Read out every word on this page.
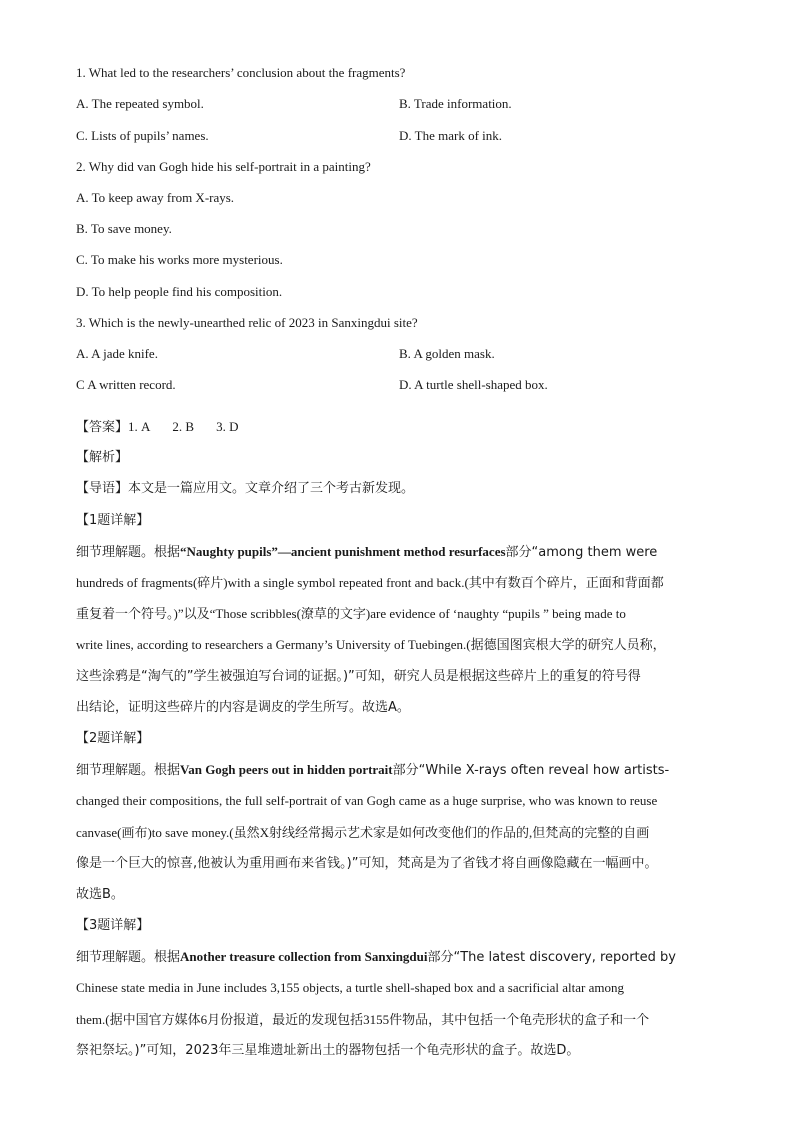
1. What led to the researchers’ conclusion about the fragments?
A. The repeated symbol.	B. Trade information.
C. Lists of pupils’ names.	D. The mark of ink.
2. Why did van Gogh hide his self-portrait in a painting?
A. To keep away from X-rays.
B. To save money.
C. To make his works more mysterious.
D. To help people find his composition.
3. Which is the newly-unearthed relic of 2023 in Sanxingdui site?
A. A jade knife.	B. A golden mask.
C A written record.	D. A turtle shell-shaped box.
【答案】1. A 2. B 3. D
【解析】
【导语】本文是一篇应用文。文章介绍了三个考古新发现。
【1题详解】
细节理解题。根据“Naughty pupils”—ancient punishment method resurfaces部分“among them were
hundreds of fragments(碎片)with a single symbol repeated front and back.(其中有数百个碎片，正面和背面都
重复着一个符号。)”以及“Those scribbles(潦草的文字)are evidence of ‘naughty “pupils ” being made to
write lines, according to researchers a Germany’s University of Tuebingen.(据德国图宾根大学的研究人员称，
这些涂鸦是“淘气的”学生被强迫写台词的证据。)”可知，研究人员是根据这些碎片上的重复的符号得
出结论，证明这些碎片的内容是调皮的学生所写。故选A。
【2题详解】
细节理解题。根据Van Gogh peers out in hidden portrait部分“While X-rays often reveal how artists-
changed their compositions, the full self-portrait of van Gogh came as a huge surprise, who was known to reuse
canvase(画布)to save money.(虽然X射线经常揭示艺术家是如何改变他们的作品的,但梵高的完整的自画
像是一个巨大的惊喜,他被认为重用画布来省钱。)”可知，梵高是为了省钱才将自画像隐藏在一幅画中。
故选B。
【3题详解】
细节理解题。根据Another treasure collection from Sanxingdui部分“The latest discovery, reported by
Chinese state media in June includes 3,155 objects, a turtle shell-shaped box and a sacrificial altar among
them.(据中国官方媒体6月份报道，最近的发现包括3155件物品，其中包括一个龟壳形状的盒子和一个
祭祀祭坛。)”可知，2023年三星堆遗址新出土的器物包括一个龟壳形状的盒子。故选D。
